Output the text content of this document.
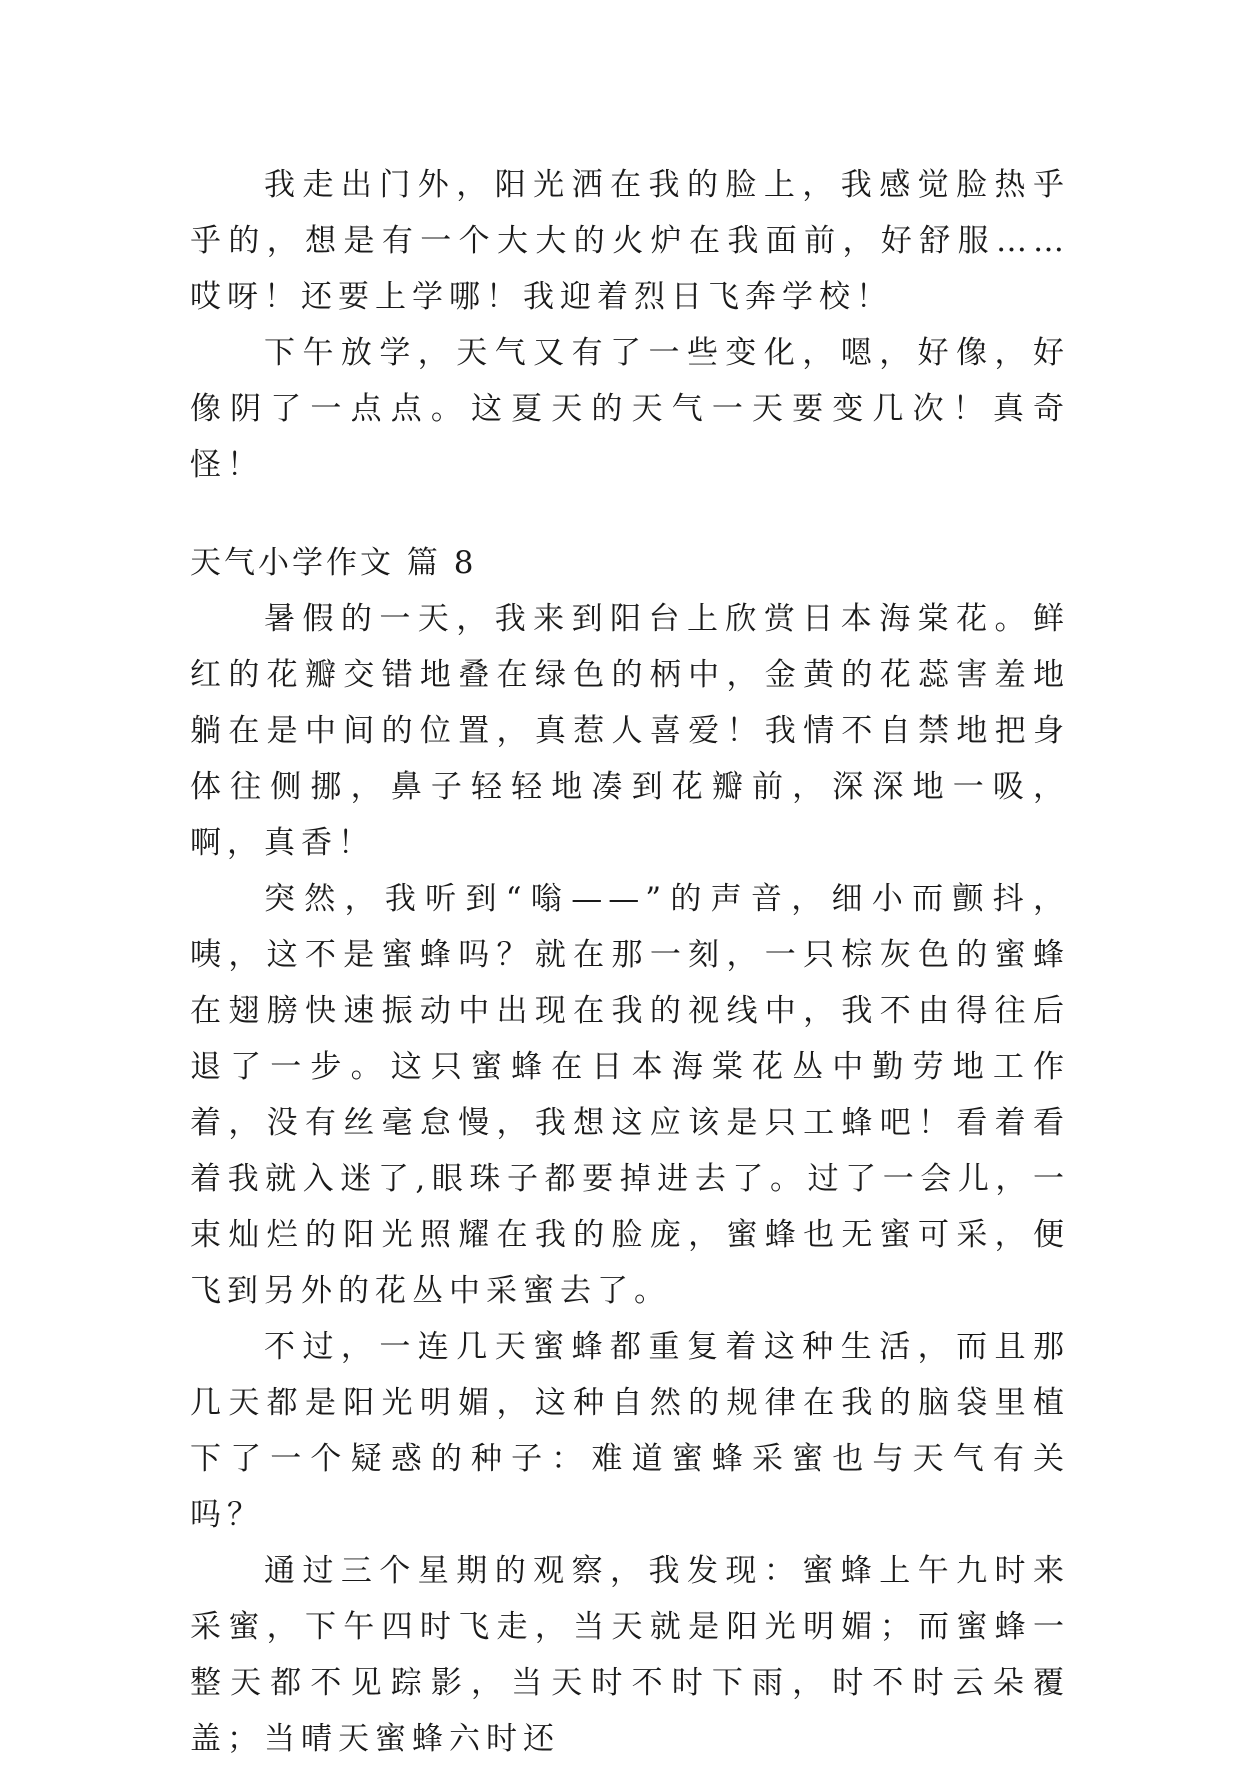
我走出门外，阳光洒在我的脸上，我感觉脸热乎乎的，想是有一个大大的火炉在我面前，好舒服……哎呀！还要上学哪！我迎着烈日飞奔学校！

下午放学，天气又有了一些变化，嗯，好像，好像阴了一点点。这夏天的天气一天要变几次！真奇怪！

天气小学作文 篇 8

暑假的一天，我来到阳台上欣赏日本海棠花。鲜红的花瓣交错地叠在绿色的柄中，金黄的花蕊害羞地躺在是中间的位置，真惹人喜爱！我情不自禁地把身体往侧挪，鼻子轻轻地凑到花瓣前，深深地一吸，啊，真香！

突然，我听到“嗡——”的声音，细小而颤抖，咦，这不是蜜蜂吗？就在那一刻，一只棕灰色的蜜蜂在翅膀快速振动中出现在我的视线中，我不由得往后退了一步。这只蜜蜂在日本海棠花丛中勤劳地工作着，没有丝毫怠慢，我想这应该是只工蜂吧！看着看着我就入迷了,眼珠子都要掉进去了。过了一会儿，一束灿烂的阳光照耀在我的脸庞，蜜蜂也无蜜可采，便飞到另外的花丛中采蜜去了。

不过，一连几天蜜蜂都重复着这种生活，而且那几天都是阳光明媚，这种自然的规律在我的脑袋里植下了一个疑惑的种子：难道蜜蜂采蜜也与天气有关吗？

通过三个星期的观察，我发现：蜜蜂上午九时来采蜜，下午四时飞走，当天就是阳光明媚；而蜜蜂一整天都不见踪影，当天时不时下雨，时不时云朵覆盖；当晴天蜜蜂六时还
